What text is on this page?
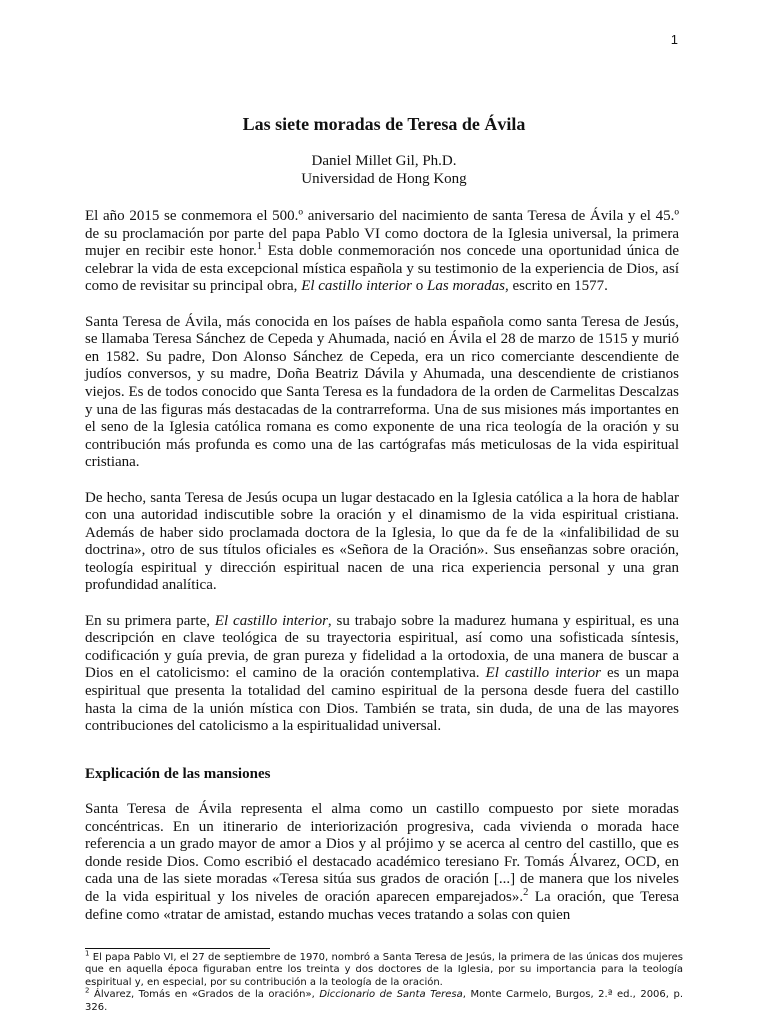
1
Las siete moradas de Teresa de Ávila
Daniel Millet Gil, Ph.D.
Universidad de Hong Kong

El año 2015 se conmemora el 500.º aniversario del nacimiento de santa Teresa de Ávila y el 45.º de su proclamación por parte del papa Pablo VI como doctora de la Iglesia universal, la primera mujer en recibir este honor.$^1$ Esta doble conmemoración nos concede una oportunidad única de celebrar la vida de esta excepcional mística española y su testimonio de la experiencia de Dios, así como de revisitar su principal obra, El castillo interior o Las moradas, escrito en 1577.

Santa Teresa de Ávila, más conocida en los países de habla española como santa Teresa de Jesús, se llamaba Teresa Sánchez de Cepeda y Ahumada, nació en Ávila el 28 de marzo de 1515 y murió en 1582. Su padre, Don Alonso Sánchez de Cepeda, era un rico comerciante descendiente de judíos conversos, y su madre, Doña Beatriz Dávila y Ahumada, una descendiente de cristianos viejos. Es de todos conocido que Santa Teresa es la fundadora de la orden de Carmelitas Descalzas y una de las figuras más destacadas de la contrarreforma. Una de sus misiones más importantes en el seno de la Iglesia católica romana es como exponente de una rica teología de la oración y su contribución más profunda es como una de las cartógrafas más meticulosas de la vida espiritual cristiana.

De hecho, santa Teresa de Jesús ocupa un lugar destacado en la Iglesia católica a la hora de hablar con una autoridad indiscutible sobre la oración y el dinamismo de la vida espiritual cristiana. Además de haber sido proclamada doctora de la Iglesia, lo que da fe de la «infalibilidad de su doctrina», otro de sus títulos oficiales es «Señora de la Oración». Sus enseñanzas sobre oración, teología espiritual y dirección espiritual nacen de una rica experiencia personal y una gran profundidad analítica.

En su primera parte, El castillo interior, su trabajo sobre la madurez humana y espiritual, es una descripción en clave teológica de su trayectoria espiritual, así como una sofisticada síntesis, codificación y guía previa, de gran pureza y fidelidad a la ortodoxia, de una manera de buscar a Dios en el catolicismo: el camino de la oración contemplativa. El castillo interior es un mapa espiritual que presenta la totalidad del camino espiritual de la persona desde fuera del castillo hasta la cima de la unión mística con Dios. También se trata, sin duda, de una de las mayores contribuciones del catolicismo a la espiritualidad universal.

Explicación de las mansiones

Santa Teresa de Ávila representa el alma como un castillo compuesto por siete moradas concéntricas. En un itinerario de interiorización progresiva, cada vivienda o morada hace referencia a un grado mayor de amor a Dios y al prójimo y se acerca al centro del castillo, que es donde reside Dios. Como escribió el destacado académico teresiano Fr. Tomás Álvarez, OCD, en cada una de las siete moradas «Teresa sitúa sus grados de oración [...] de manera que los niveles de la vida espiritual y los niveles de oración aparecen emparejados».$^2$ La oración, que Teresa define como «tratar de amistad, estando muchas veces tratando a solas con quien

$^1$ El papa Pablo VI, el 27 de septiembre de 1970, nombró a Santa Teresa de Jesús, la primera de las únicas dos mujeres que en aquella época figuraban entre los treinta y dos doctores de la Iglesia, por su importancia para la teología espiritual y, en especial, por su contribución a la teología de la oración.

$^2$ Álvarez, Tomás en «Grados de la oración», Diccionario de Santa Teresa, Monte Carmelo, Burgos, 2.ª ed., 2006, p. 326.
